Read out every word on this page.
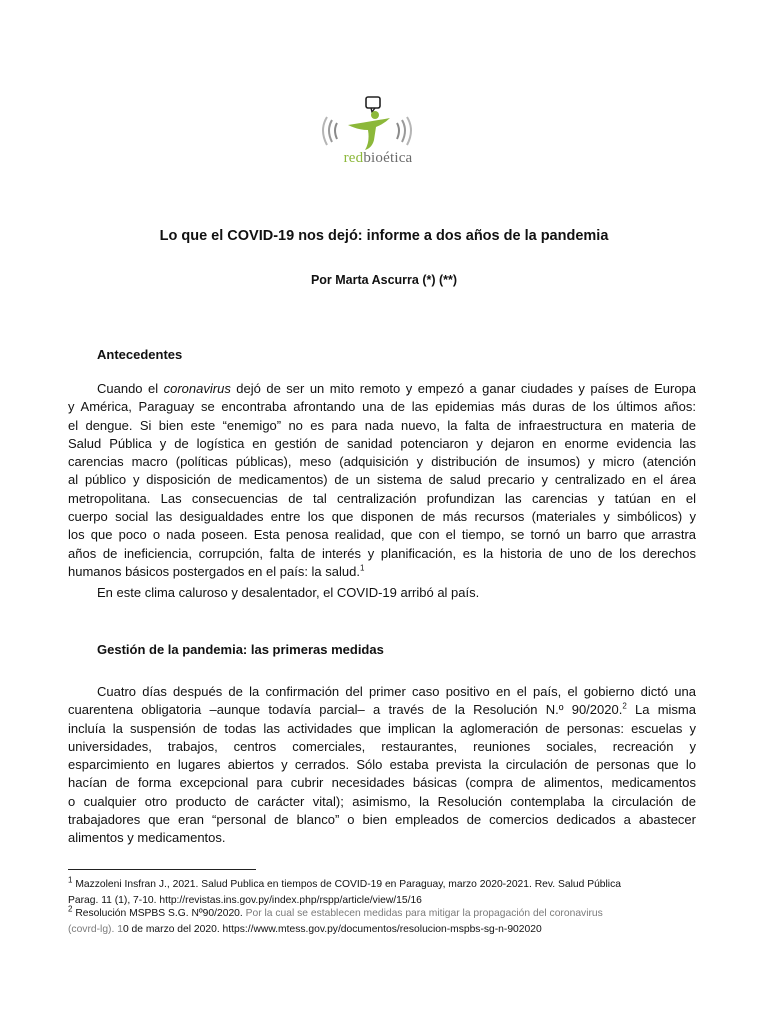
redbioética
Lo que el COVID-19 nos dejó: informe a dos años de la pandemia
Por Marta Ascurra (*) (**)
Antecedentes
Cuando el coronavirus dejó de ser un mito remoto y empezó a ganar ciudades y países de Europa
y América, Paraguay se encontraba afrontando una de las epidemias más duras de los últimos años:
el dengue. Si bien este “enemigo” no es para nada nuevo, la falta de infraestructura en materia de
Salud Pública y de logística en gestión de sanidad potenciaron y dejaron en enorme evidencia las
carencias macro (políticas públicas), meso (adquisición y distribución de insumos) y micro (atención
al público y disposición de medicamentos) de un sistema de salud precario y centralizado en el área
metropolitana. Las consecuencias de tal centralización profundizan las carencias y tatúan en el
cuerpo social las desigualdades entre los que disponen de más recursos (materiales y simbólicos) y
los que poco o nada poseen. Esta penosa realidad, que con el tiempo, se tornó un barro que arrastra
años de ineficiencia, corrupción, falta de interés y planificación, es la historia de uno de los derechos
humanos básicos postergados en el país: la salud.$^1$
En este clima caluroso y desalentador, el COVID-19 arribó al país.
Gestión de la pandemia: las primeras medidas
Cuatro días después de la confirmación del primer caso positivo en el país, el gobierno dictó una
cuarentena obligatoria –aunque todavía parcial– a través de la Resolución N.º 90/2020.$^2$ La misma
incluía la suspensión de todas las actividades que implican la aglomeración de personas: escuelas y
universidades, trabajos, centros comerciales, restaurantes, reuniones sociales, recreación y
esparcimiento en lugares abiertos y cerrados. Sólo estaba prevista la circulación de personas que lo
hacían de forma excepcional para cubrir necesidades básicas (compra de alimentos, medicamentos
o cualquier otro producto de carácter vital); asimismo, la Resolución contemplaba la circulación de
trabajadores que eran “personal de blanco” o bien empleados de comercios dedicados a abastecer
alimentos y medicamentos.
$^1$ Mazzoleni Insfran J., 2021. Salud Publica en tiempos de COVID-19 en Paraguay, marzo 2020-2021. Rev. Salud Pública
Parag. 11 (1), 7-10. http://revistas.ins.gov.py/index.php/rspp/article/view/15/16
$^2$ Resolución MSPBS S.G. Nº90/2020. Por la cual se establecen medidas para mitigar la propagación del coronavirus
(covrd-lg). 10 de marzo del 2020. https://www.mtess.gov.py/documentos/resolucion-mspbs-sg-n-902020
